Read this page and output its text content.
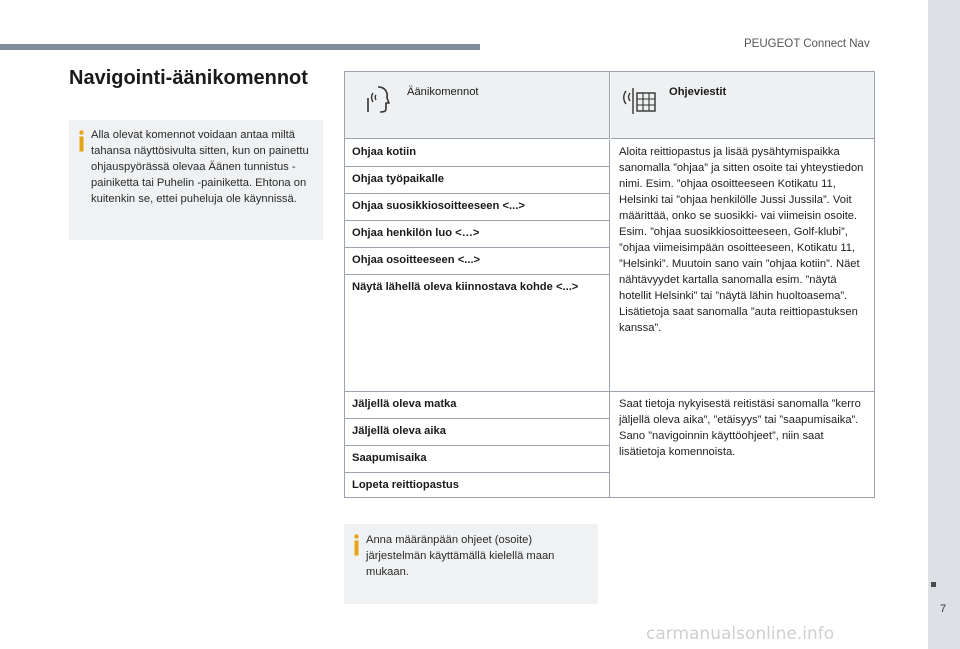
PEUGEOT Connect Nav
7
Navigointi-äänikomennot

Alla olevat komennot voidaan antaa miltä tahansa näyttösivulta sitten, kun on painettu ohjauspyörässä olevaa Äänen tunnistus -painiketta tai Puhelin -painiketta. Ehtona on kuitenkin se, ettei puheluja ole käynnissä.

Äänikomennot	Ohjeviestit
Ohjaa kotiin
Ohjaa työpaikalle
Ohjaa suosikkiosoitteeseen <...>
Ohjaa henkilön luo <…>
Ohjaa osoitteeseen <...>
Näytä lähellä oleva kiinnostava kohde <...>
Aloita reittiopastus ja lisää pysähtymispaikka sanomalla ”ohjaa” ja sitten osoite tai yhteystiedon nimi. Esim. ”ohjaa osoitteeseen Kotikatu 11, Helsinki tai ”ohjaa henkilölle Jussi Jussila”. Voit määrittää, onko se suosikki- vai viimeisin osoite. Esim. ”ohjaa suosikkiosoitteeseen, Golf-klubi”, ”ohjaa viimeisimpään osoitteeseen, Kotikatu 11, ”Helsinki”. Muutoin sano vain ”ohjaa kotiin”. Näet nähtävyydet kartalla sanomalla esim. ”näytä hotellit Helsinki” tai ”näytä lähin huoltoasema”. Lisätietoja saat sanomalla ”auta reittiopastuksen kanssa”.
Jäljellä oleva matka
Jäljellä oleva aika
Saapumisaika
Lopeta reittiopastus
Saat tietoja nykyisestä reitistäsi sanomalla ”kerro jäljellä oleva aika”, ”etäisyys” tai ”saapumisaika”. Sano ”navigoinnin käyttöohjeet”, niin saat lisätietoja komennoista.

Anna määränpään ohjeet (osoite) järjestelmän käyttämällä kielellä maan mukaan.

carmanualsonline.info
